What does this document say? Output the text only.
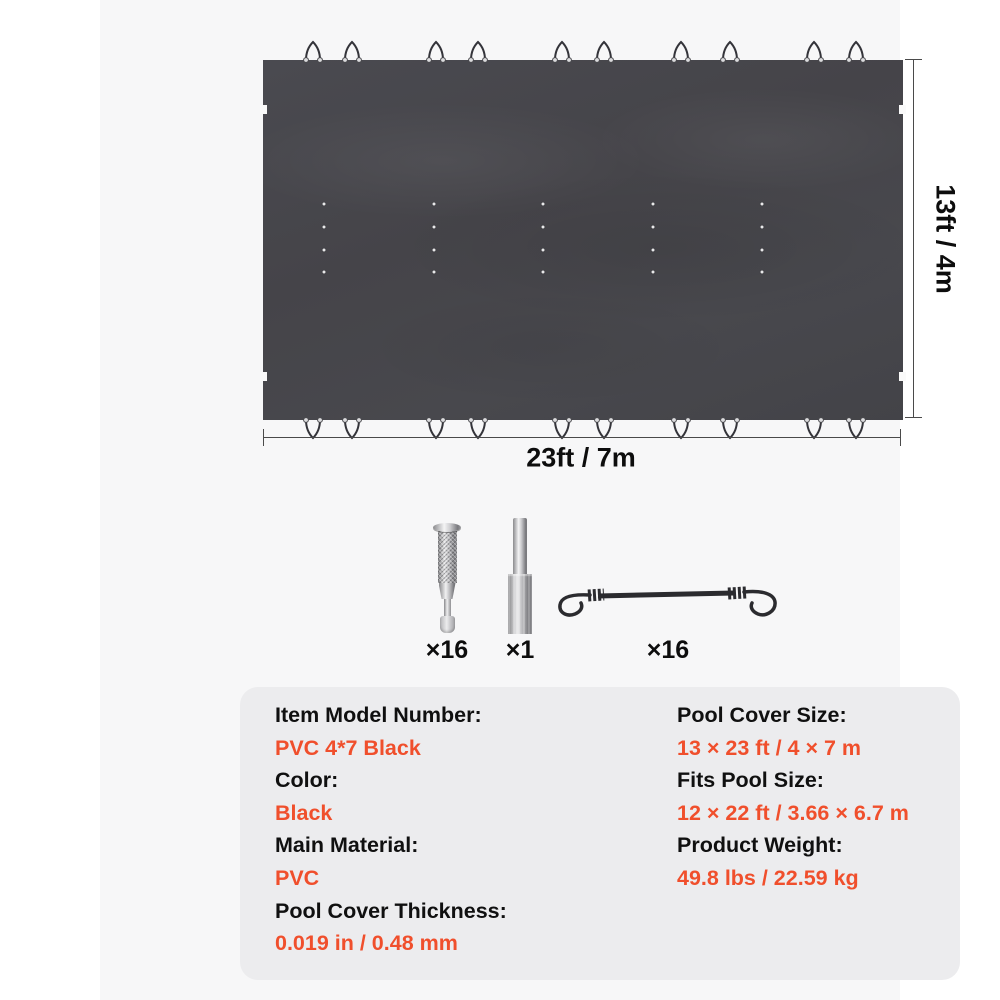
13ft / 4m
23ft / 7m
×16 ×1	×16
Item Model Number:
PVC 4*7 Black
Color:
Black
Main Material:
PVC
Pool Cover Thickness:
0.019 in / 0.48 mm
Pool Cover Size:
13 × 23 ft / 4 × 7 m
Fits Pool Size:
12 × 22 ft / 3.66 × 6.7 m
Product Weight:
49.8 lbs / 22.59 kg
